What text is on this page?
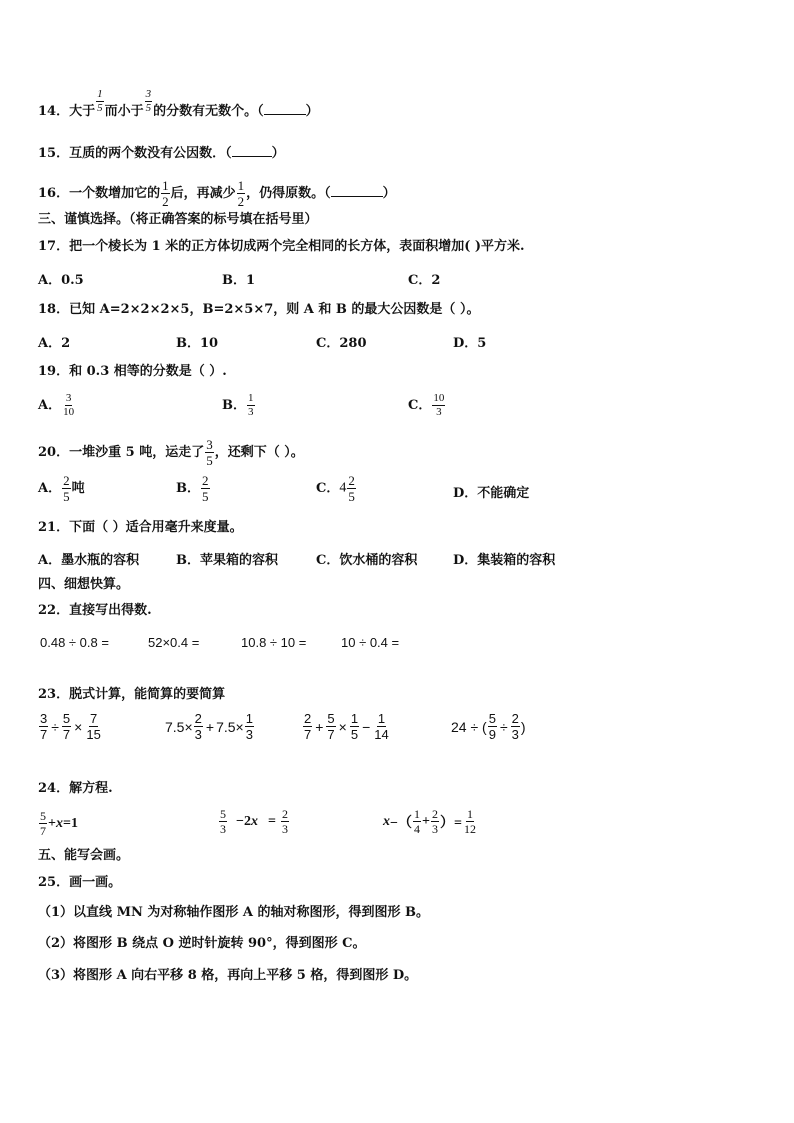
14．大于 $\frac{1}{5}$ 而小于 $\frac{3}{5}$ 的分数有无数个。（	）
15．互质的两个数没有公因数．（	）
16．一个数增加它的 $\frac{1}{2}$ 后，再减少 $\frac{1}{2}$ ，仍得原数。（	）
三、谨慎选择。（将正确答案的标号填在括号里）
17．把一个棱长为 1 米的正方体切成两个完全相同的长方体，表面积增加( )平方米.
A．0.5	B．1	C．2
18．已知 A=2×2×2×5，B=2×5×7，则 A 和 B 的最大公因数是（ ）。
A．2	B．10	C．280	D．5
19．和 0.3 相等的分数是（ ）.
A． $\frac{3}{10}$	B． $\frac{1}{3}$	C． $\frac{10}{3}$
20．一堆沙重 5 吨，运走了 $\frac{3}{5}$ ，还剩下（ ）。
A． $\frac{2}{5}$ 吨	B． $\frac{2}{5}$	C．$4 \frac{2}{5}$	D．不能确定
21．下面（ ）适合用毫升来度量。
A．墨水瓶的容积	B．苹果箱的容积	C．饮水桶的容积	D．集装箱的容积
四、细想快算。
22．直接写出得数.
0.48 ÷ 0.8 =	52×0.4 =	10.8 ÷ 10 =	10 ÷ 0.4 =
23．脱式计算，能简算的要简算
$\frac{3}{7} \div \frac{5}{7} \times \frac{7}{15}$	$7.5\times \frac{2}{3} + 7.5\times \frac{1}{3}$	$\frac{2}{7} + \frac{5}{7} \times \frac{1}{5} - \frac{1}{14}$	24 ÷ ( $\frac{5}{9} \div \frac{2}{3}$ )
24．解方程.
$\frac{5}{7} + x =1$	$\frac{5}{3} -2$ $x = \frac{2}{3}$	x −（ $\frac{1}{4} + \frac{2}{3}$ ）= $\frac{1}{12}$
五、能写会画。
25．画一画。
（1）以直线 MN 为对称轴作图形 A 的轴对称图形，得到图形 B。
（2）将图形 B 绕点 O 逆时针旋转 90°，得到图形 C。
（3）将图形 A 向右平移 8 格，再向上平移 5 格，得到图形 D。
